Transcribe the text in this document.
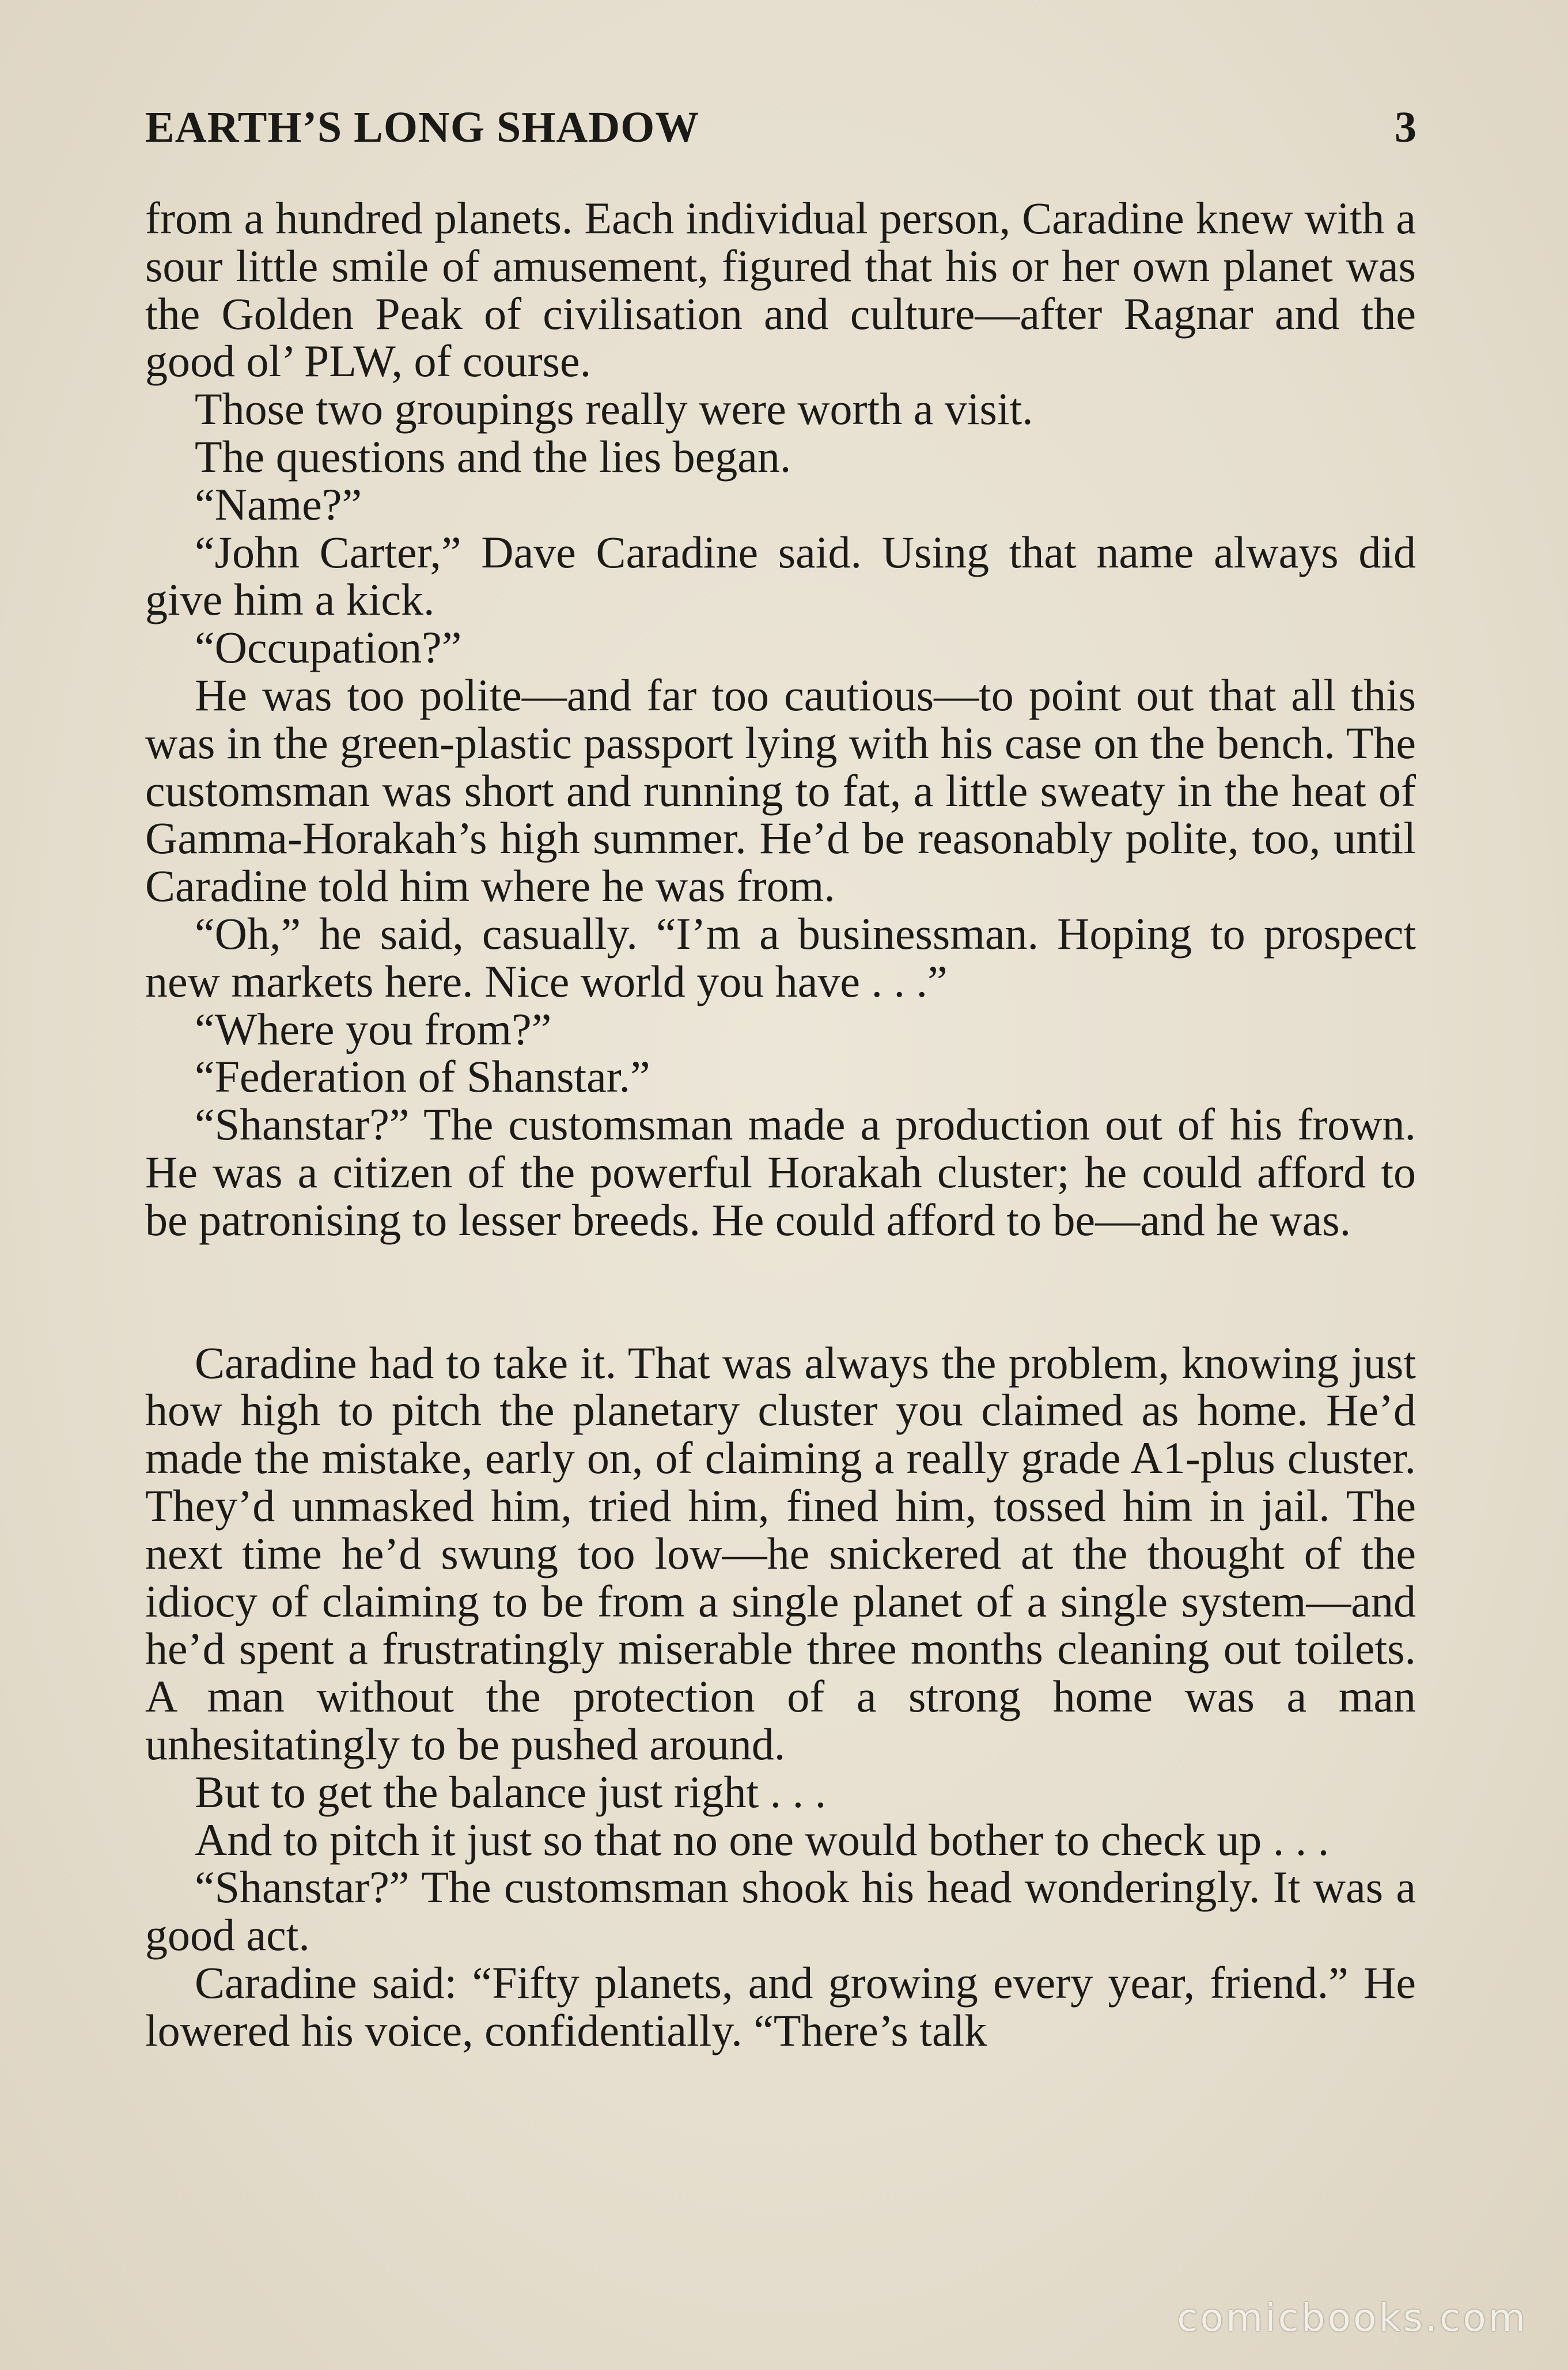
EARTH’S LONG SHADOW	3

from a hundred planets. Each individual person, Caradine knew with a sour little smile of amusement, figured that his or her own planet was the Golden Peak of civilisation and culture—after Ragnar and the good ol’ PLW, of course.

Those two groupings really were worth a visit.

The questions and the lies began.

“Name?”

“John Carter,” Dave Caradine said. Using that name always did give him a kick.

“Occupation?”

He was too polite—and far too cautious—to point out that all this was in the green-plastic passport lying with his case on the bench. The customsman was short and running to fat, a little sweaty in the heat of Gamma-Horakah’s high summer. He’d be reasonably polite, too, until Caradine told him where he was from.

“Oh,” he said, casually. “I’m a businessman. Hoping to prospect new markets here. Nice world you have . . .”

“Where you from?”

“Federation of Shanstar.”

“Shanstar?” The customsman made a production out of his frown. He was a citizen of the powerful Horakah cluster; he could afford to be patronising to lesser breeds. He could afford to be—and he was.

Caradine had to take it. That was always the problem, knowing just how high to pitch the planetary cluster you claimed as home. He’d made the mistake, early on, of claiming a really grade A1-plus cluster. They’d unmasked him, tried him, fined him, tossed him in jail. The next time he’d swung too low—he snickered at the thought of the idiocy of claiming to be from a single planet of a single system—and he’d spent a frustratingly miserable three months cleaning out toilets. A man without the protection of a strong home was a man unhesitatingly to be pushed around.

But to get the balance just right . . .

And to pitch it just so that no one would bother to check up . . .

“Shanstar?” The customsman shook his head wonderingly. It was a good act.

Caradine said: “Fifty planets, and growing every year, friend.” He lowered his voice, confidentially. “There’s talk

comicbooks.com
